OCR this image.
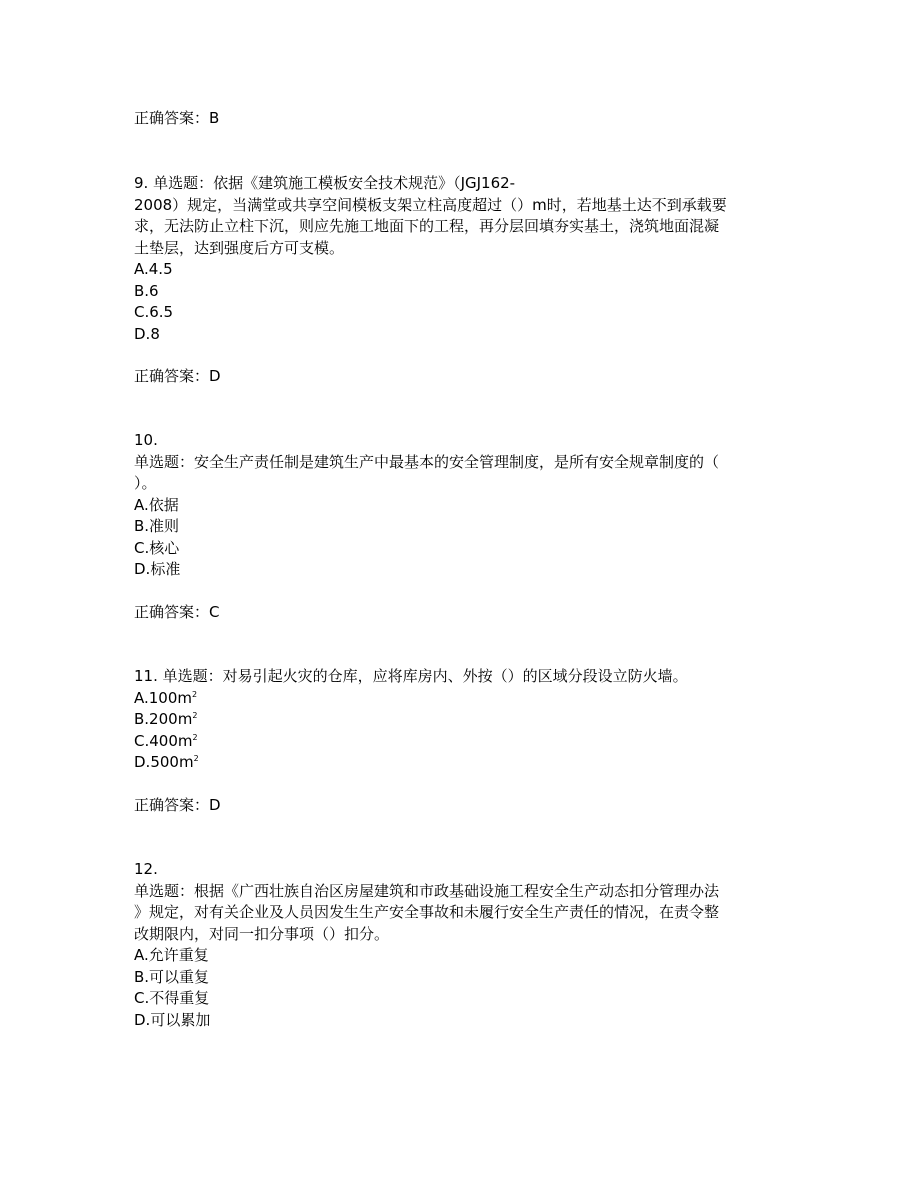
正确答案：B
9. 单选题：依据《建筑施工模板安全技术规范》（JGJ162-
2008）规定，当满堂或共享空间模板支架立柱高度超过（）m时，若地基土达不到承载要
求，无法防止立柱下沉，则应先施工地面下的工程，再分层回填夯实基土，浇筑地面混凝
土垫层，达到强度后方可支模。
A.4.5
B.6
C.6.5
D.8
正确答案：D
10.
单选题：安全生产责任制是建筑生产中最基本的安全管理制度，是所有安全规章制度的（
）。
A.依据
B.准则
C.核心
D.标准
正确答案：C
11. 单选题：对易引起火灾的仓库，应将库房内、外按（）的区域分段设立防火墙。
$A.100m^2$
$B.200m^2$
$C.400m^2$
$D.500m^2$
正确答案：D
12.
单选题：根据《广西壮族自治区房屋建筑和市政基础设施工程安全生产动态扣分管理办法
》规定，对有关企业及人员因发生生产安全事故和未履行安全生产责任的情况，在责令整
改期限内，对同一扣分事项（）扣分。
A.允许重复
B.可以重复
C.不得重复
D.可以累加
